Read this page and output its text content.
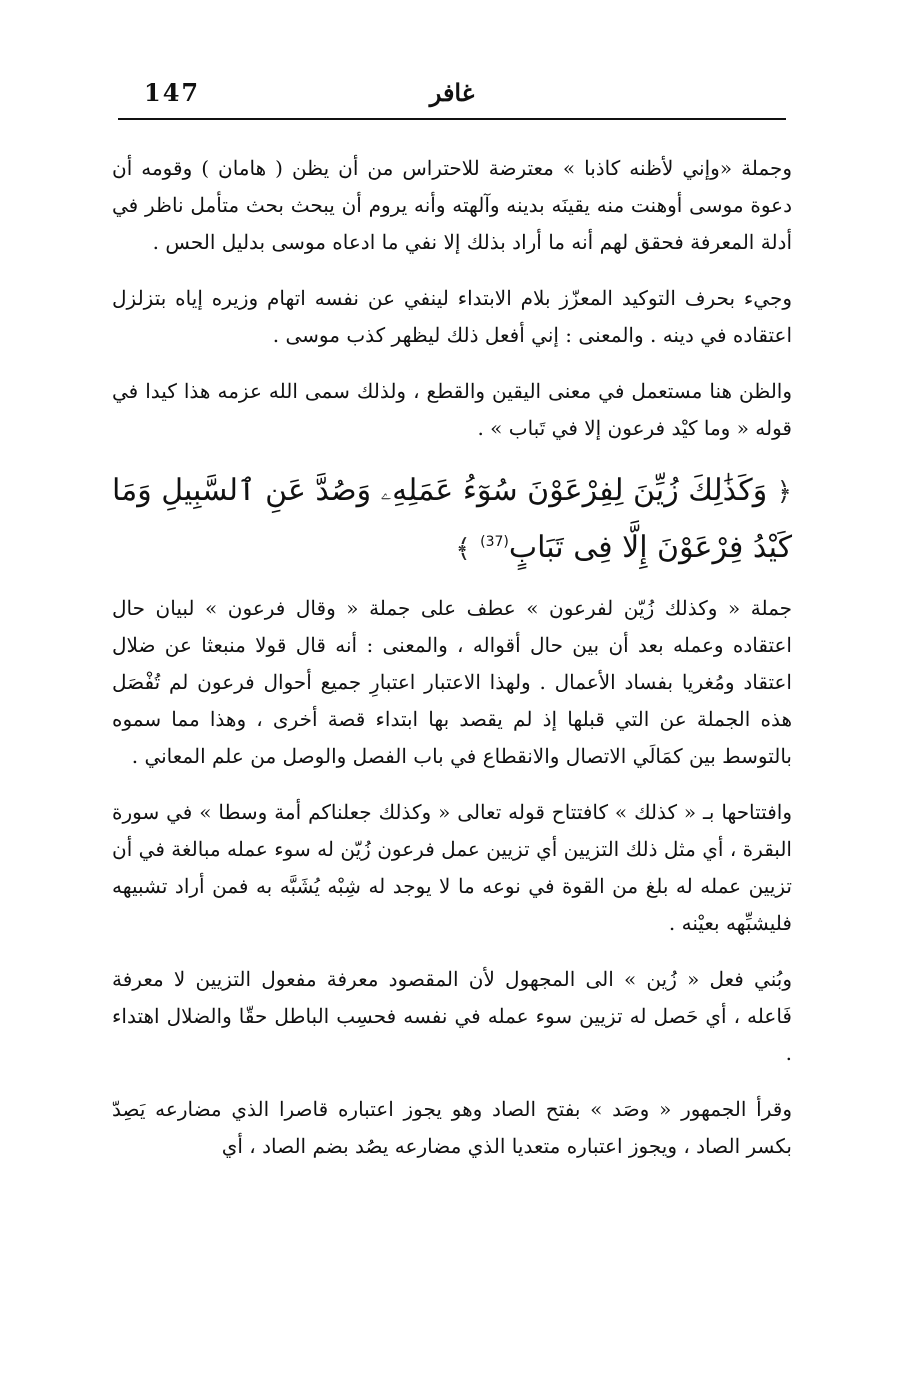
147	غافر

وجملة «وإني لأظنه كاذبا » معترضة للاحتراس من أن يظن ( هامان ) وقومه أن دعوة موسى أوهنت منه يقينَه بدينه وآلهته وأنه يروم أن يبحث بحث متأمل ناظر في أدلة المعرفة فحقق لهم أنه ما أراد بذلك إلا نفي ما ادعاه موسى بدليل الحس .

وجيء بحرف التوكيد المعزّز بلام الابتداء لينفي عن نفسه اتهام وزيره إياه بتزلزل اعتقاده في دينه . والمعنى : إني أفعل ذلك ليظهر كذب موسى .

والظن هنا مستعمل في معنى اليقين والقطع ، ولذلك سمى الله عزمه هذا كيدا في قوله « وما كيْد فرعون إلا في تَباب » .

﴿ وَكَذَٰلِكَ زُيِّنَ لِفِرْعَوْنَ سُوٓءُ عَمَلِهِۦ وَصُدَّ عَنِ ٱلسَّبِيلِ وَمَا كَيْدُ فِرْعَوْنَ إِلَّا فِى تَبَابٍ$^{(37)}$ ﴾

جملة « وكذلك زُيّن لفرعون » عطف على جملة « وقال فرعون » لبيان حال اعتقاده وعمله بعد أن بين حال أقواله ، والمعنى : أنه قال قولا منبعثا عن ضلال اعتقاد ومُغريا بفساد الأعمال . ولهذا الاعتبار اعتبارِ جميع أحوال فرعون لم تُفْصَل هذه الجملة عن التي قبلها إذ لم يقصد بها ابتداء قصة أخرى ، وهذا مما سموه بالتوسط بين كمَالَي الاتصال والانقطاع في باب الفصل والوصل من علم المعاني .

وافتتاحها بـ « كذلك » كافتتاح قوله تعالى « وكذلك جعلناكم أمة وسطا » في سورة البقرة ، أي مثل ذلك التزيين أي تزيين عمل فرعون زُيّن له سوء عمله مبالغة في أن تزيين عمله له بلغ من القوة في نوعه ما لا يوجد له شِبْه يُشَبَّه به فمن أراد تشبيهه فليشبِّهه بعيْنه .

وبُني فعل « زُين » الى المجهول لأن المقصود معرفة مفعول التزيين لا معرفة فَاعله ، أي حَصل له تزيين سوء عمله في نفسه فحسِب الباطل حقّا والضلال اهتداء .

وقرأ الجمهور « وصَد » بفتح الصاد وهو يجوز اعتباره قاصرا الذي مضارعه يَصِدّ بكسر الصاد ، ويجوز اعتباره متعديا الذي مضارعه يصُد بضم الصاد ، أي
